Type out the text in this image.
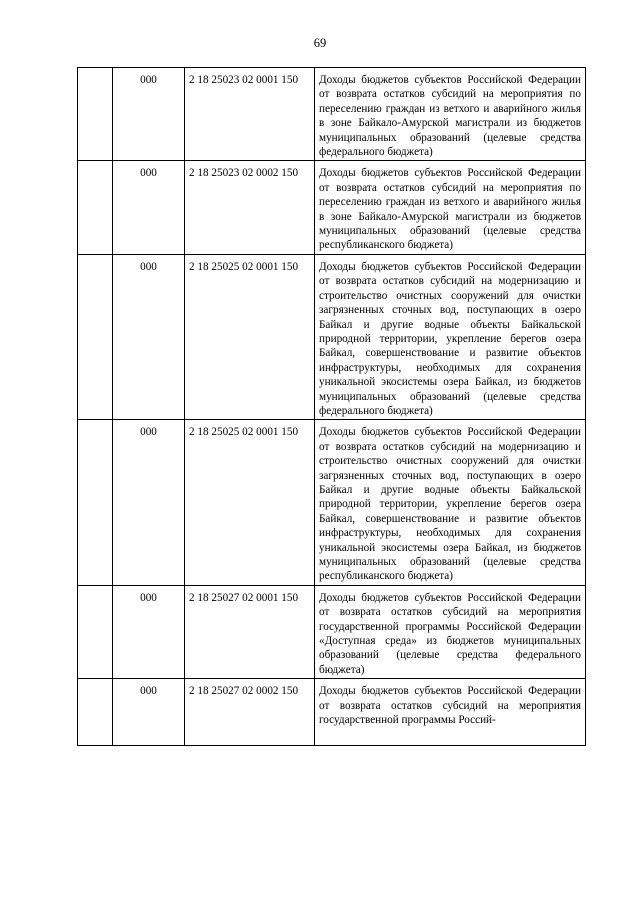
69
	000	2 18 25023 02 0001 150	Доходы бюджетов субъектов Российской Федерации от возврата остатков субсидий на мероприятия по переселению граждан из ветхого и аварийного жилья в зоне Байкало-Амурской магистрали из бюджетов муниципальных образований (целевые средства федерального бюджета)
	000	2 18 25023 02 0002 150	Доходы бюджетов субъектов Российской Федерации от возврата остатков субсидий на мероприятия по переселению граждан из ветхого и аварийного жилья в зоне Байкало-Амурской магистрали из бюджетов муниципальных образований (целевые средства республиканского бюджета)
	000	2 18 25025 02 0001 150	Доходы бюджетов субъектов Российской Федерации от возврата остатков субсидий на модернизацию и строительство очистных сооружений для очистки загрязненных сточных вод, поступающих в озеро Байкал и другие водные объекты Байкальской природной территории, укрепление берегов озера Байкал, совершенствование и развитие объектов инфраструктуры, необходимых для сохранения уникальной экосистемы озера Байкал, из бюджетов муниципальных образований (целевые средства федерального бюджета)
	000	2 18 25025 02 0001 150	Доходы бюджетов субъектов Российской Федерации от возврата остатков субсидий на модернизацию и строительство очистных сооружений для очистки загрязненных сточных вод, поступающих в озеро Байкал и другие водные объекты Байкальской природной территории, укрепление берегов озера Байкал, совершенствование и развитие объектов инфраструктуры, необходимых для сохранения уникальной экосистемы озера Байкал, из бюджетов муниципальных образований (целевые средства республиканского бюджета)
	000	2 18 25027 02 0001 150	Доходы бюджетов субъектов Российской Федерации от возврата остатков субсидий на мероприятия государственной программы Российской Федерации «Доступная среда» из бюджетов муниципальных образований (целевые средства федерального бюджета)
	000	2 18 25027 02 0002 150	Доходы бюджетов субъектов Российской Федерации от возврата остатков субсидий на мероприятия государственной программы Россий-
